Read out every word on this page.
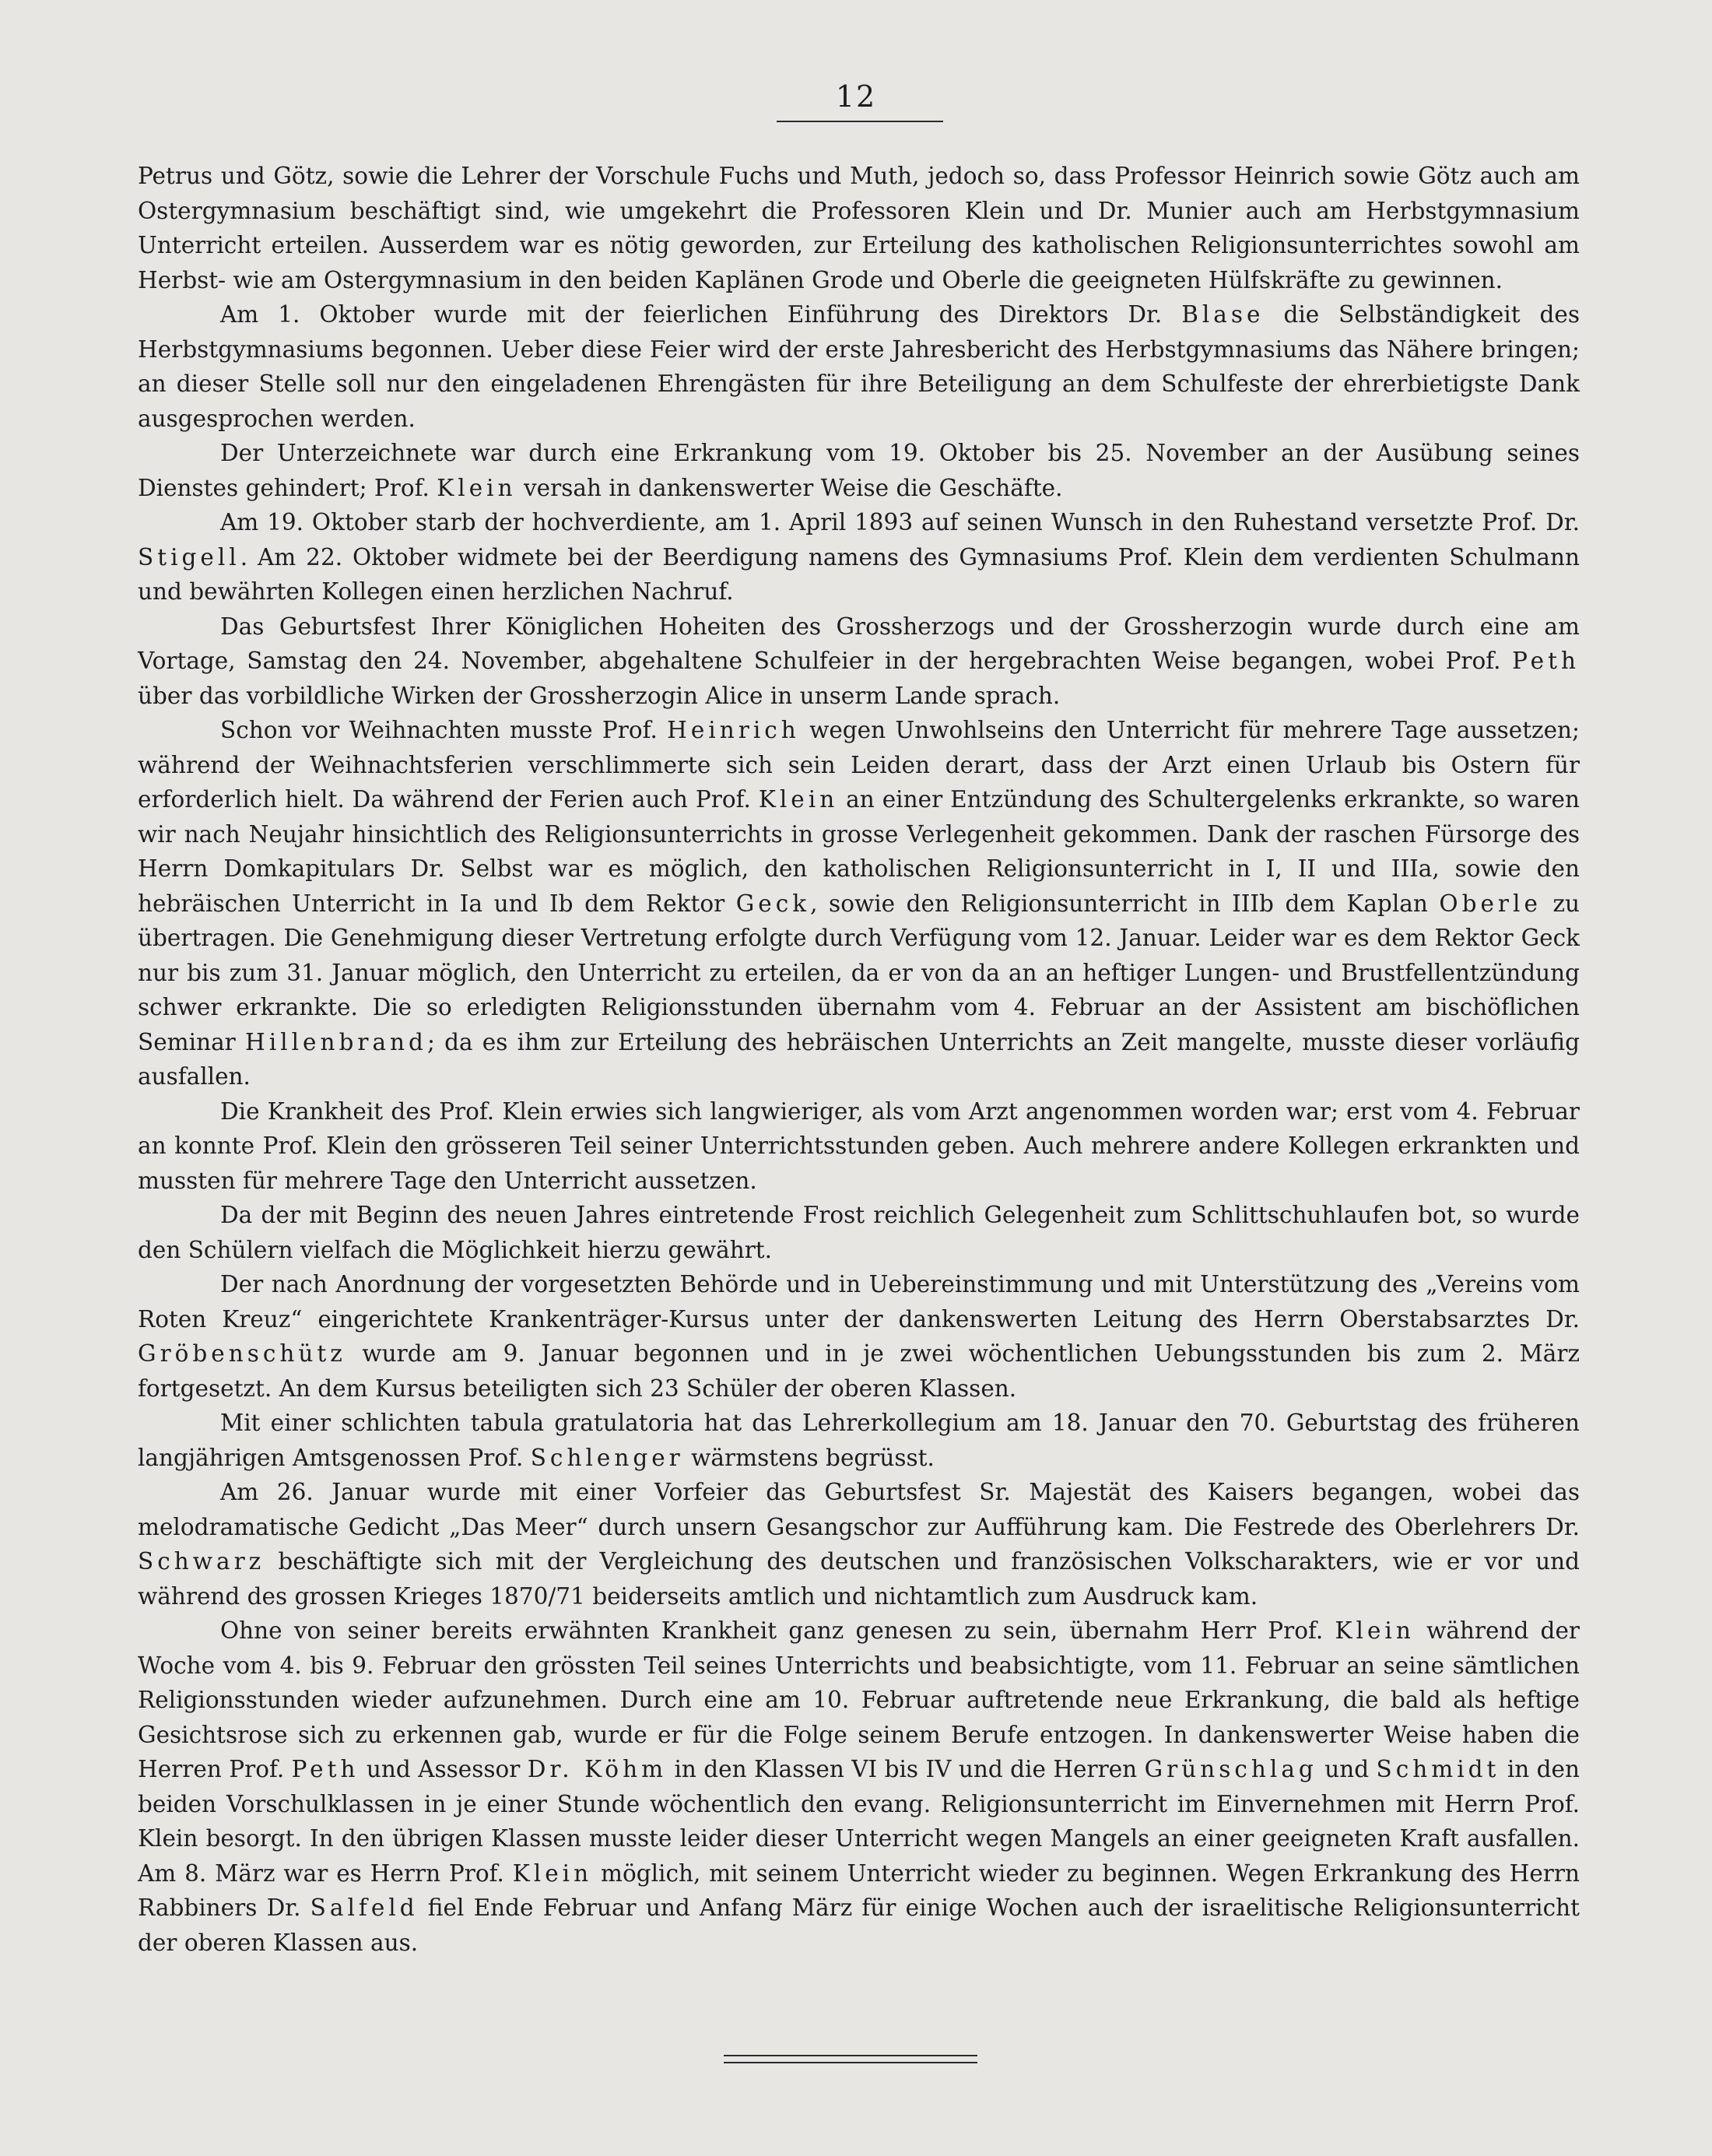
12

Petrus und Götz, sowie die Lehrer der Vorschule Fuchs und Muth, jedoch so, dass Professor Heinrich sowie Götz auch am Ostergymnasium beschäftigt sind, wie umgekehrt die Professoren Klein und Dr. Munier auch am Herbstgymnasium Unterricht erteilen. Ausserdem war es nötig geworden, zur Erteilung des katholischen Religionsunterrichtes sowohl am Herbst- wie am Ostergymnasium in den beiden Kaplänen Grode und Oberle die geeigneten Hülfskräfte zu gewinnen.

Am 1. Oktober wurde mit der feierlichen Einführung des Direktors Dr. Blase die Selbständigkeit des Herbstgymnasiums begonnen. Ueber diese Feier wird der erste Jahresbericht des Herbstgymnasiums das Nähere bringen; an dieser Stelle soll nur den eingeladenen Ehrengästen für ihre Beteiligung an dem Schulfeste der ehrerbietigste Dank ausgesprochen werden.

Der Unterzeichnete war durch eine Erkrankung vom 19. Oktober bis 25. November an der Ausübung seines Dienstes gehindert; Prof. Klein versah in dankenswerter Weise die Geschäfte.

Am 19. Oktober starb der hochverdiente, am 1. April 1893 auf seinen Wunsch in den Ruhestand versetzte Prof. Dr. Stigell. Am 22. Oktober widmete bei der Beerdigung namens des Gymnasiums Prof. Klein dem verdienten Schulmann und bewährten Kollegen einen herzlichen Nachruf.

Das Geburtsfest Ihrer Königlichen Hoheiten des Grossherzogs und der Grossherzogin wurde durch eine am Vortage, Samstag den 24. November, abgehaltene Schulfeier in der hergebrachten Weise begangen, wobei Prof. Peth über das vorbildliche Wirken der Grossherzogin Alice in unserm Lande sprach.

Schon vor Weihnachten musste Prof. Heinrich wegen Unwohlseins den Unterricht für mehrere Tage aussetzen; während der Weihnachtsferien verschlimmerte sich sein Leiden derart, dass der Arzt einen Urlaub bis Ostern für erforderlich hielt. Da während der Ferien auch Prof. Klein an einer Entzündung des Schultergelenks erkrankte, so waren wir nach Neujahr hinsichtlich des Religionsunterrichts in grosse Verlegenheit gekommen. Dank der raschen Fürsorge des Herrn Domkapitulars Dr. Selbst war es möglich, den katholischen Religionsunterricht in I, II und IIIa, sowie den hebräischen Unterricht in Ia und Ib dem Rektor Geck, sowie den Religionsunterricht in IIIb dem Kaplan Oberle zu übertragen. Die Genehmigung dieser Vertretung erfolgte durch Verfügung vom 12. Januar. Leider war es dem Rektor Geck nur bis zum 31. Januar möglich, den Unterricht zu erteilen, da er von da an an heftiger Lungen- und Brustfellentzündung schwer erkrankte. Die so erledigten Religionsstunden übernahm vom 4. Februar an der Assistent am bischöflichen Seminar Hillenbrand; da es ihm zur Erteilung des hebräischen Unterrichts an Zeit mangelte, musste dieser vorläufig ausfallen.

Die Krankheit des Prof. Klein erwies sich langwieriger, als vom Arzt angenommen worden war; erst vom 4. Februar an konnte Prof. Klein den grösseren Teil seiner Unterrichtsstunden geben. Auch mehrere andere Kollegen erkrankten und mussten für mehrere Tage den Unterricht aussetzen.

Da der mit Beginn des neuen Jahres eintretende Frost reichlich Gelegenheit zum Schlittschuhlaufen bot, so wurde den Schülern vielfach die Möglichkeit hierzu gewährt.

Der nach Anordnung der vorgesetzten Behörde und in Uebereinstimmung und mit Unterstützung des „Vereins vom Roten Kreuz“ eingerichtete Krankenträger-Kursus unter der dankenswerten Leitung des Herrn Oberstabsarztes Dr. Gröbenschütz wurde am 9. Januar begonnen und in je zwei wöchentlichen Uebungsstunden bis zum 2. März fortgesetzt. An dem Kursus beteiligten sich 23 Schüler der oberen Klassen.

Mit einer schlichten tabula gratulatoria hat das Lehrerkollegium am 18. Januar den 70. Geburtstag des früheren langjährigen Amtsgenossen Prof. Schlenger wärmstens begrüsst.

Am 26. Januar wurde mit einer Vorfeier das Geburtsfest Sr. Majestät des Kaisers begangen, wobei das melodramatische Gedicht „Das Meer“ durch unsern Gesangschor zur Aufführung kam. Die Festrede des Oberlehrers Dr. Schwarz beschäftigte sich mit der Vergleichung des deutschen und französischen Volkscharakters, wie er vor und während des grossen Krieges 1870/71 beiderseits amtlich und nichtamtlich zum Ausdruck kam.

Ohne von seiner bereits erwähnten Krankheit ganz genesen zu sein, übernahm Herr Prof. Klein während der Woche vom 4. bis 9. Februar den grössten Teil seines Unterrichts und beabsichtigte, vom 11. Februar an seine sämtlichen Religionsstunden wieder aufzunehmen. Durch eine am 10. Februar auftretende neue Erkrankung, die bald als heftige Gesichtsrose sich zu erkennen gab, wurde er für die Folge seinem Berufe entzogen. In dankenswerter Weise haben die Herren Prof. Peth und Assessor Dr. Köhm in den Klassen VI bis IV und die Herren Grünschlag und Schmidt in den beiden Vorschulklassen in je einer Stunde wöchentlich den evang. Religionsunterricht im Einvernehmen mit Herrn Prof. Klein besorgt. In den übrigen Klassen musste leider dieser Unterricht wegen Mangels an einer geeigneten Kraft ausfallen. Am 8. März war es Herrn Prof. Klein möglich, mit seinem Unterricht wieder zu beginnen. Wegen Erkrankung des Herrn Rabbiners Dr. Salfeld fiel Ende Februar und Anfang März für einige Wochen auch der israelitische Religionsunterricht der oberen Klassen aus.
